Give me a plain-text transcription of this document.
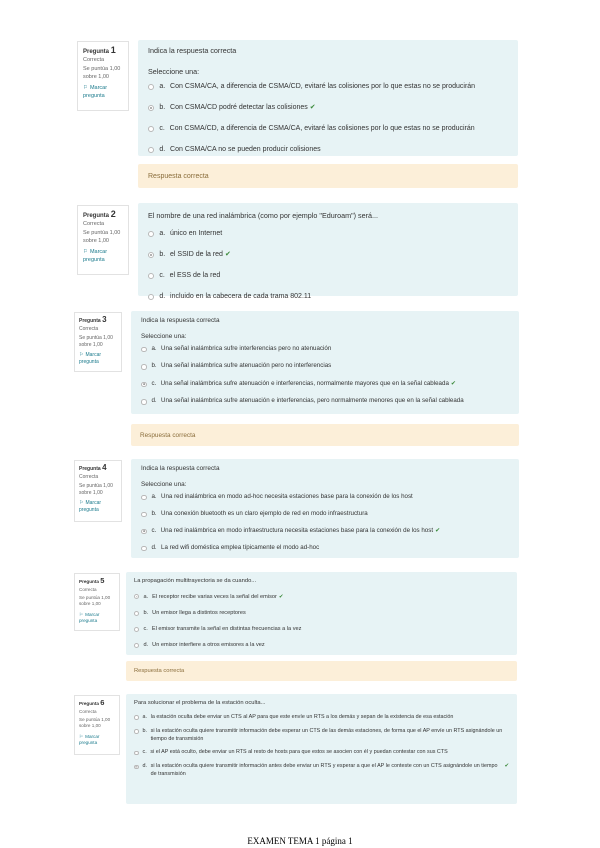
Pregunta 1
Correcta
Se puntúa 1,00 sobre 1,00
⚐ Marcar pregunta
Indica la respuesta correcta
Seleccione una:
a. Con CSMA/CA, a diferencia de CSMA/CD, evitaré las colisiones por lo que estas no se producirán
b. Con CSMA/CD podré detectar las colisiones ✔
c. Con CSMA/CD, a diferencia de CSMA/CA, evitaré las colisiones por lo que estas no se producirán
d. Con CSMA/CA no se pueden producir colisiones
Respuesta correcta
Pregunta 2
Correcta
Se puntúa 1,00 sobre 1,00
⚐ Marcar pregunta
El nombre de una red inalámbrica (como por ejemplo "Eduroam") será...
a. único en Internet
b. el SSID de la red ✔
c. el ESS de la red
d. incluido en la cabecera de cada trama 802.11
Pregunta 3
Correcta
Se puntúa 1,00 sobre 1,00
⚐ Marcar pregunta
Indica la respuesta correcta
Seleccione una:
a. Una señal inalámbrica sufre interferencias pero no atenuación
b. Una señal inalámbrica sufre atenuación pero no interferencias
c. Una señal inalámbrica sufre atenuación e interferencias, normalmente mayores que en la señal cableada ✔
d. Una señal inalámbrica sufre atenuación e interferencias, pero normalmente menores que en la señal cableada
Respuesta correcta
Pregunta 4
Correcta
Se puntúa 1,00 sobre 1,00
⚐ Marcar pregunta
Indica la respuesta correcta
Seleccione una:
a. Una red inalámbrica en modo ad-hoc necesita estaciones base para la conexión de los host
b. Una conexión bluetooth es un claro ejemplo de red en modo infraestructura
c. Una red inalámbrica en modo infraestructura necesita estaciones base para la conexión de los host ✔
d. La red wifi doméstica emplea típicamente el modo ad-hoc
Pregunta 5
Correcta
Se puntúa 1,00 sobre 1,00
⚐ Marcar pregunta
La propagación multitrayectoria se da cuando...
a. El receptor recibe varias veces la señal del emisor ✔
b. Un emisor llega a distintos receptores
c. El emisor transmite la señal en distintas frecuencias a la vez
d. Un emisor interfiere a otros emisores a la vez
Respuesta correcta
Pregunta 6
Correcta
Se puntúa 1,00 sobre 1,00
⚐ Marcar pregunta
Para solucionar el problema de la estación oculta...
a. la estación oculta debe enviar un CTS al AP para que este envíe un RTS a los demás y sepan de la existencia de esa estación
b. si la estación oculta quiere transmitir información debe esperar un CTS de las demás estaciones, de forma que el AP envíe un RTS asignándole un tiempo de transmisión
c. si el AP está oculto, debe enviar un RTS al resto de hosts para que estos se asocien con él y puedan contestar con sus CTS
d. si la estación oculta quiere transmitir información antes debe enviar un RTS y esperar a que el AP le conteste con un CTS asignándole un tiempo de transmisión
✔
EXAMEN TEMA 1 página 1
